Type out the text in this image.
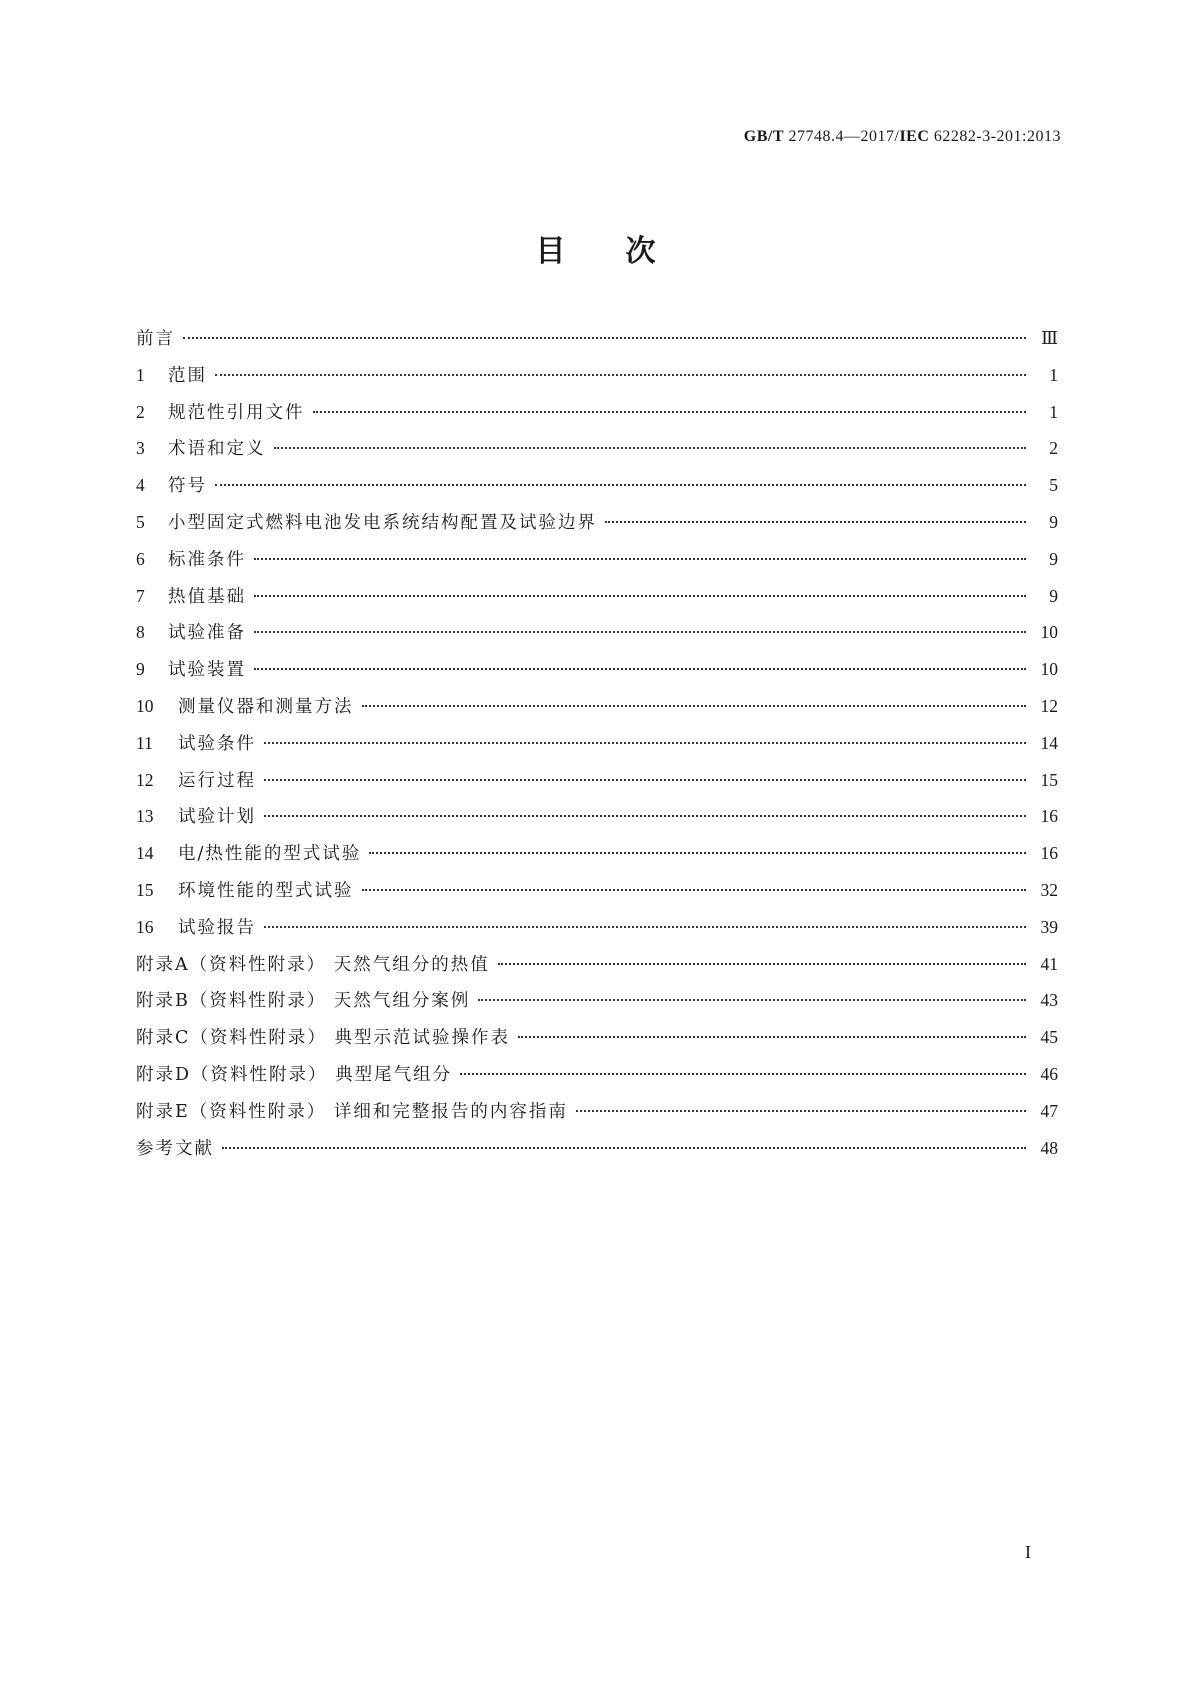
GB/T 27748.4—2017/IEC 62282-3-201:2013
目次
前言	Ⅲ
1	范围	1
2	规范性引用文件	1
3	术语和定义	2
4	符号	5
5	小型固定式燃料电池发电系统结构配置及试验边界	9
6	标准条件	9
7	热值基础	9
8	试验准备	10
9	试验装置	10
10	测量仪器和测量方法	12
11	试验条件	14
12	运行过程	15
13	试验计划	16
14	电/热性能的型式试验	16
15	环境性能的型式试验	32
16	试验报告	39
附录A（资料性附录） 天然气组分的热值	41
附录B（资料性附录） 天然气组分案例	43
附录C（资料性附录） 典型示范试验操作表	45
附录D（资料性附录） 典型尾气组分	46
附录E（资料性附录） 详细和完整报告的内容指南	47
参考文献	48
I
